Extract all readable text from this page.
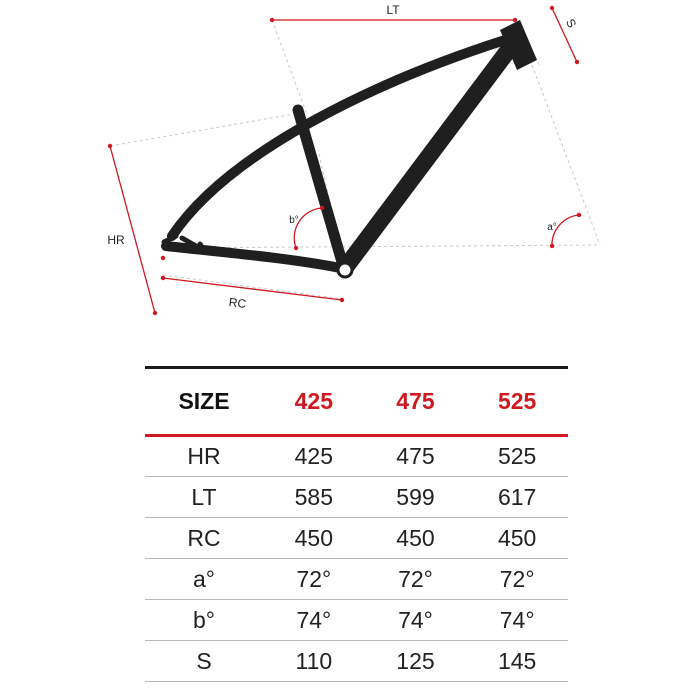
LT
S
HR
RC
a°
b°
SIZE	425	475	525
HR	425	475	525
LT	585	599	617
RC	450	450	450
a°	72°	72°	72°
b°	74°	74°	74°
S	110	125	145
